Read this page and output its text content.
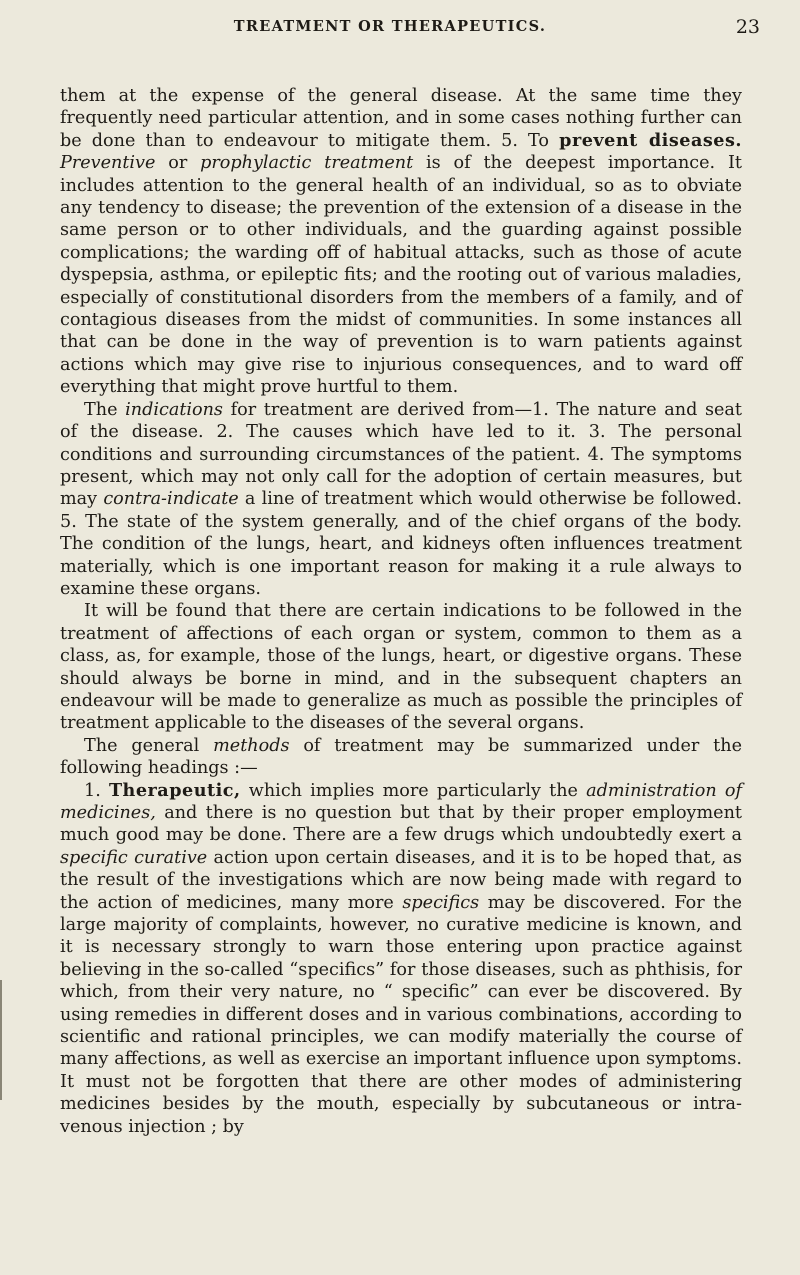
TREATMENT OR THERAPEUTICS.	23

them at the expense of the general disease. At the same time they frequently need particular attention, and in some cases nothing further can be done than to endeavour to mitigate them. 5. To prevent diseases. Preventive or prophylactic treatment is of the deepest importance. It includes attention to the general health of an individual, so as to obviate any tendency to disease; the prevention of the extension of a disease in the same person or to other individuals, and the guarding against possible complications; the warding off of habitual attacks, such as those of acute dyspepsia, asthma, or epileptic fits; and the rooting out of various maladies, especially of constitutional disorders from the members of a family, and of contagious diseases from the midst of communities. In some instances all that can be done in the way of prevention is to warn patients against actions which may give rise to injurious consequences, and to ward off everything that might prove hurtful to them.

The indications for treatment are derived from—1. The nature and seat of the disease. 2. The causes which have led to it. 3. The personal conditions and surrounding circumstances of the patient. 4. The symptoms present, which may not only call for the adoption of certain measures, but may contra-indicate a line of treatment which would otherwise be followed. 5. The state of the system generally, and of the chief organs of the body. The condition of the lungs, heart, and kidneys often influences treatment materially, which is one important reason for making it a rule always to examine these organs.

It will be found that there are certain indications to be followed in the treatment of affections of each organ or system, common to them as a class, as, for example, those of the lungs, heart, or digestive organs. These should always be borne in mind, and in the subsequent chapters an endeavour will be made to generalize as much as possible the principles of treatment applicable to the diseases of the several organs.

The general methods of treatment may be summarized under the following headings :—

1. Therapeutic, which implies more particularly the administration of medicines, and there is no question but that by their proper employment much good may be done. There are a few drugs which undoubtedly exert a specific curative action upon certain diseases, and it is to be hoped that, as the result of the investigations which are now being made with regard to the action of medicines, many more specifics may be discovered. For the large majority of complaints, however, no curative medicine is known, and it is necessary strongly to warn those entering upon practice against believing in the so-called “specifics” for those diseases, such as phthisis, for which, from their very nature, no “ specific” can ever be discovered. By using remedies in different doses and in various combinations, according to scientific and rational principles, we can modify materially the course of many affections, as well as exercise an important influence upon symptoms. It must not be forgotten that there are other modes of administering medicines besides by the mouth, especially by subcutaneous or intra-venous injection ; by
